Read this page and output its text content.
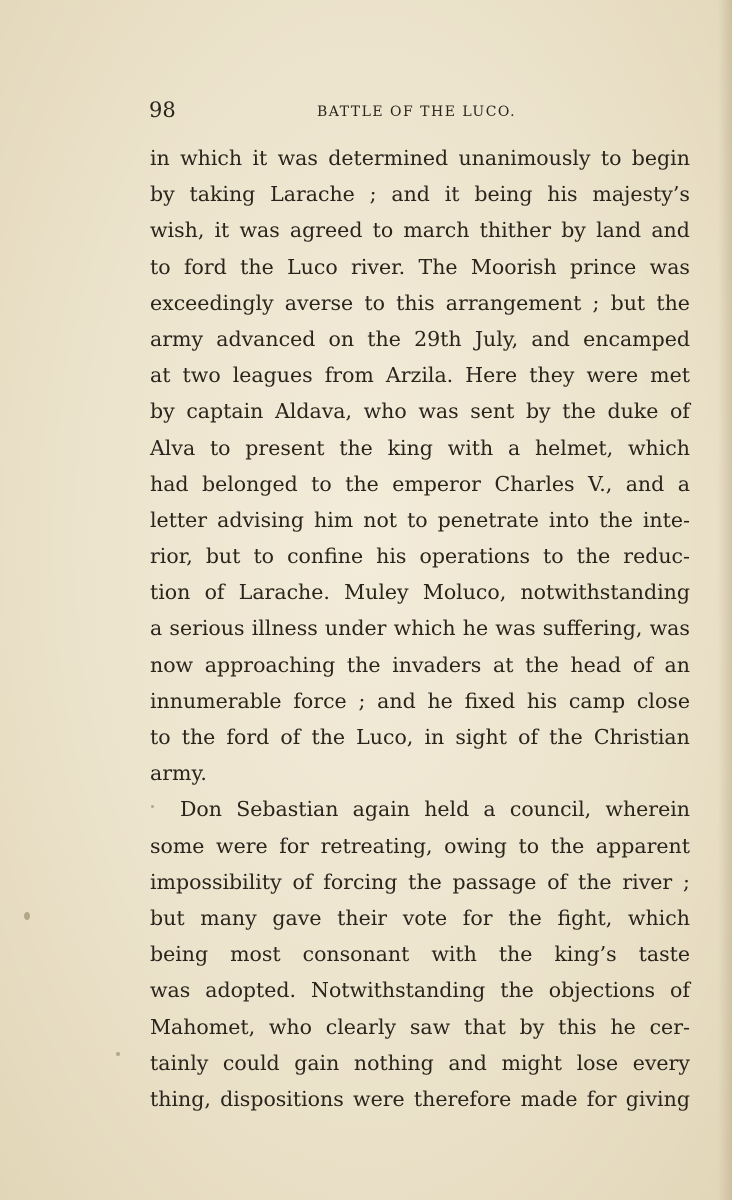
98	BATTLE OF THE LUCO.
in which it was determined unanimously to begin
by taking Larache ; and it being his majesty’s
wish, it was agreed to march thither by land and
to ford the Luco river. The Moorish prince was
exceedingly averse to this arrangement ; but the
army advanced on the 29th July, and encamped
at two leagues from Arzila. Here they were met
by captain Aldava, who was sent by the duke of
Alva to present the king with a helmet, which
had belonged to the emperor Charles V., and a
letter advising him not to penetrate into the inte-
rior, but to confine his operations to the reduc-
tion of Larache. Muley Moluco, notwithstanding
a serious illness under which he was suffering, was
now approaching the invaders at the head of an
innumerable force ; and he fixed his camp close
to the ford of the Luco, in sight of the Christian
army.
Don Sebastian again held a council, wherein
some were for retreating, owing to the apparent
impossibility of forcing the passage of the river ;
but many gave their vote for the fight, which
being most consonant with the king’s taste
was adopted. Notwithstanding the objections of
Mahomet, who clearly saw that by this he cer-
tainly could gain nothing and might lose every
thing, dispositions were therefore made for giving
